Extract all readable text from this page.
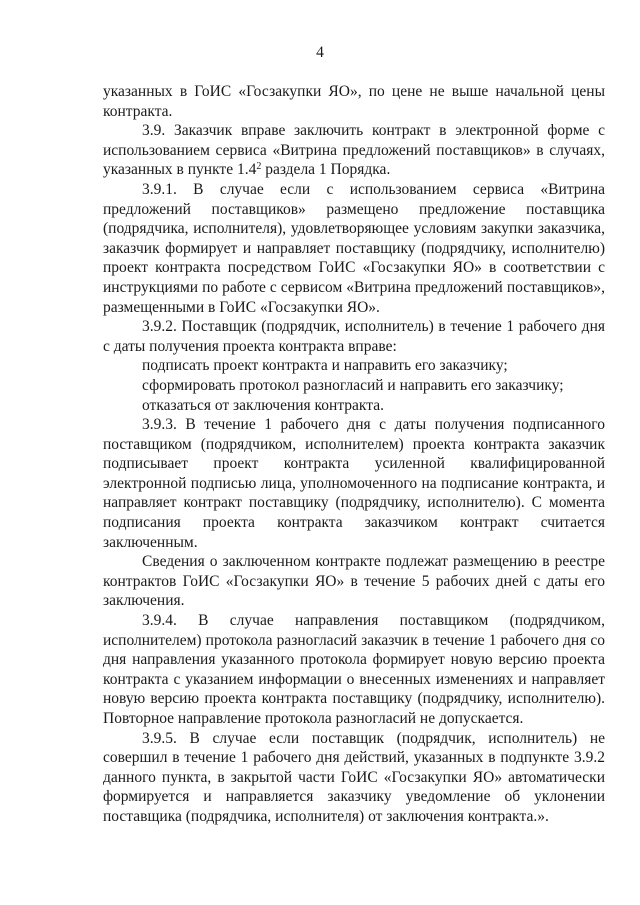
4

указанных в ГоИС «Госзакупки ЯО», по цене не выше начальной цены контракта.

3.9. Заказчик вправе заключить контракт в электронной форме с использованием сервиса «Витрина предложений поставщиков» в случаях, указанных в пункте $1.4^2$ раздела 1 Порядка.

3.9.1. В случае если с использованием сервиса «Витрина предложений поставщиков» размещено предложение поставщика (подрядчика, исполнителя), удовлетворяющее условиям закупки заказчика, заказчик формирует и направляет поставщику (подрядчику, исполнителю) проект контракта посредством ГоИС «Госзакупки ЯО» в соответствии с инструкциями по работе с сервисом «Витрина предложений поставщиков», размещенными в ГоИС «Госзакупки ЯО».

3.9.2. Поставщик (подрядчик, исполнитель) в течение 1 рабочего дня с даты получения проекта контракта вправе:

подписать проект контракта и направить его заказчику;

сформировать протокол разногласий и направить его заказчику;

отказаться от заключения контракта.

3.9.3. В течение 1 рабочего дня с даты получения подписанного поставщиком (подрядчиком, исполнителем) проекта контракта заказчик подписывает проект контракта усиленной квалифицированной электронной подписью лица, уполномоченного на подписание контракта, и направляет контракт поставщику (подрядчику, исполнителю). С момента подписания проекта контракта заказчиком контракт считается заключенным.

Сведения о заключенном контракте подлежат размещению в реестре контрактов ГоИС «Госзакупки ЯО» в течение 5 рабочих дней с даты его заключения.

3.9.4. В случае направления поставщиком (подрядчиком, исполнителем) протокола разногласий заказчик в течение 1 рабочего дня со дня направления указанного протокола формирует новую версию проекта контракта с указанием информации о внесенных изменениях и направляет новую версию проекта контракта поставщику (подрядчику, исполнителю). Повторное направление протокола разногласий не допускается.

3.9.5. В случае если поставщик (подрядчик, исполнитель) не совершил в течение 1 рабочего дня действий, указанных в подпункте 3.9.2 данного пункта, в закрытой части ГоИС «Госзакупки ЯО» автоматически формируется и направляется заказчику уведомление об уклонении поставщика (подрядчика, исполнителя) от заключения контракта.».
